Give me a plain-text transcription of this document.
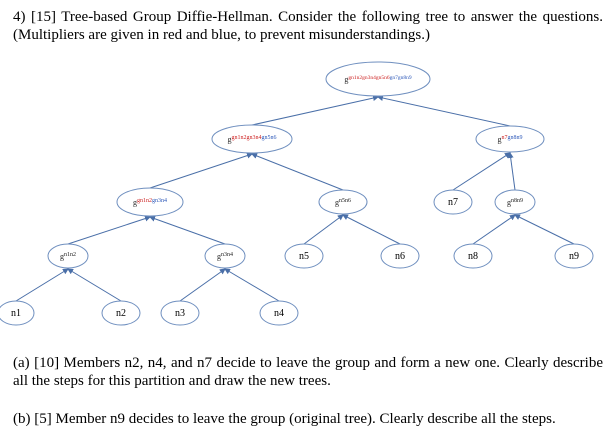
4) [15] Tree-based Group Diffie-Hellman. Consider the following tree to answer the questions. (Multipliers are given in red and blue, to prevent misunderstandings.)
ggn1n2gn3n4gn5n6gn7gn8n9
ggn1n2gn3n4gn5n6	gn7gn8n9
ggn1n2gn3n4	gn5n6	n7	gn8n9
gn1n2	gn3n4	n5	n6	n8	n9
n1	n2	n3	n4
(a) [10] Members n2, n4, and n7 decide to leave the group and form a new one. Clearly describe all the steps for this partition and draw the new trees.
(b) [5] Member n9 decides to leave the group (original tree). Clearly describe all the steps.
